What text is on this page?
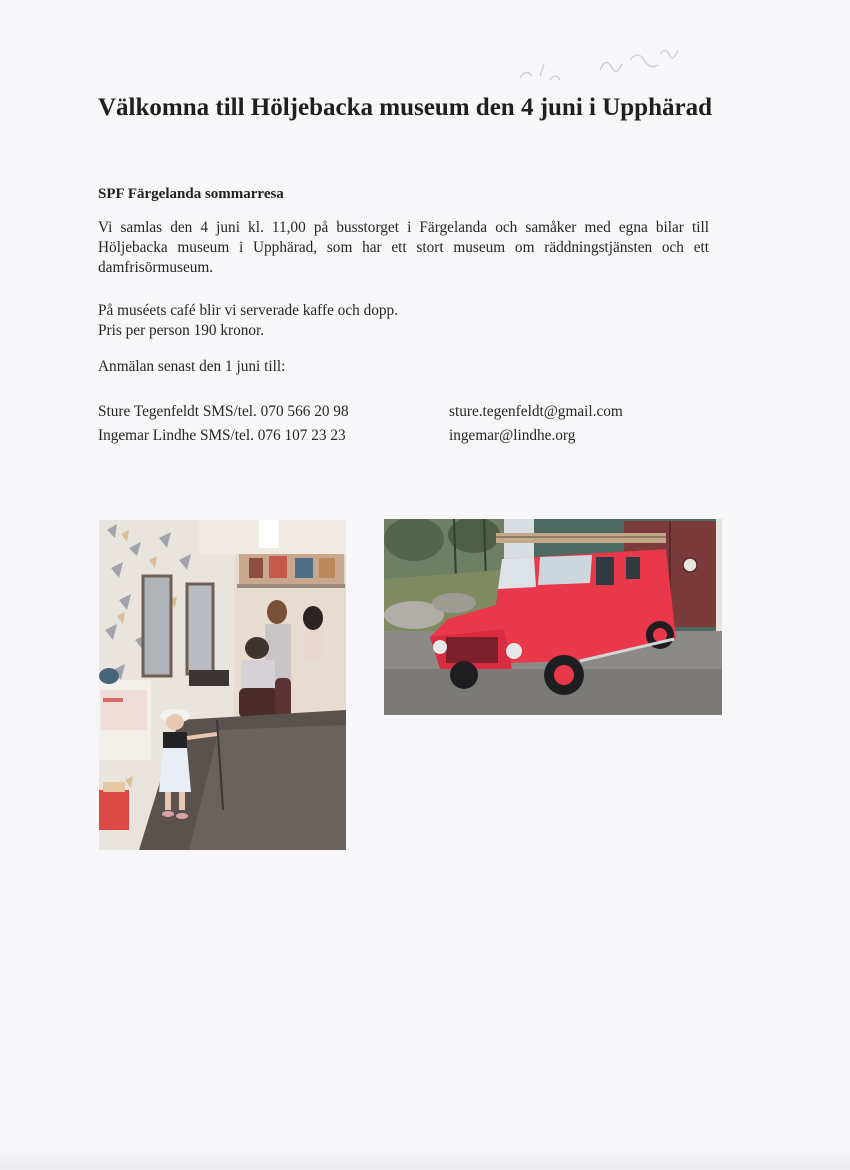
Välkomna till Höljebacka museum den 4 juni i Upphärad
SPF Färgelanda sommarresa

Vi samlas den 4 juni kl. 11,00 på busstorget i Färgelanda och samåker med egna bilar till Höljebacka museum i Upphärad, som har ett stort museum om räddningstjänsten och ett damfrisörmuseum.

På muséets café blir vi serverade kaffe och dopp.
Pris per person 190 kronor.

Anmälan senast den 1 juni till:

Sture Tegenfeldt SMS/tel. 070 566 20 98	sture.tegenfeldt@gmail.com
Ingemar Lindhe SMS/tel. 076 107 23 23	ingemar@lindhe.org
